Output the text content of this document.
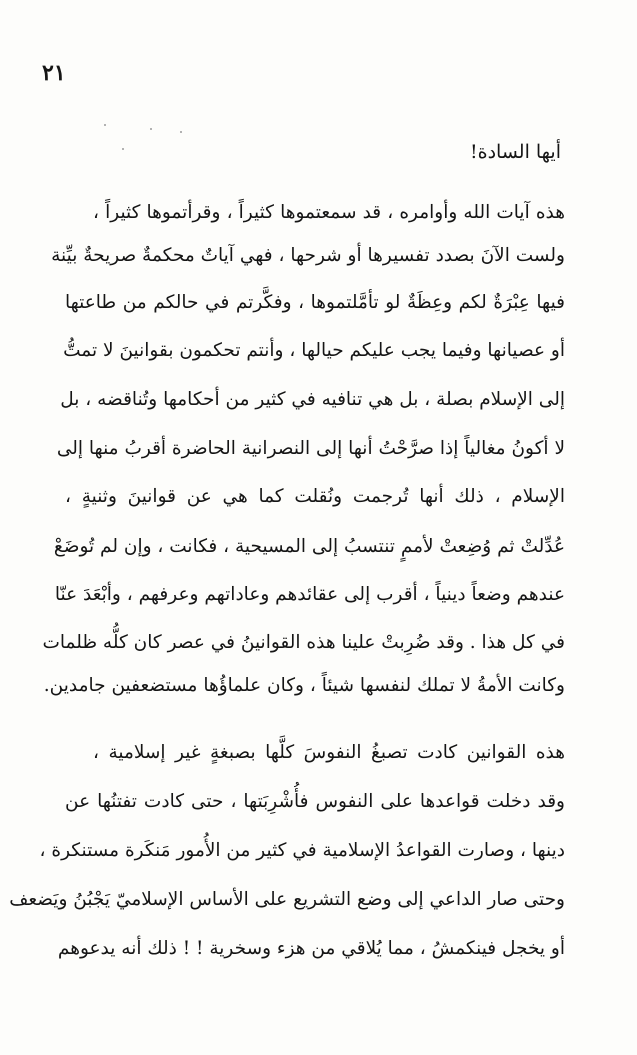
٢١
أيها السادة!
هذه آيات الله وأوامره ، قد سمعتموها كثيراً ، وقرأتموها كثيراً ،
ولست الآنَ بصدد تفسيرها أو شرحها ، فهي آياتٌ محكمةٌ صريحةٌ بيِّنة
فيها عِبْرَةٌ لكم وعِظَةٌ لو تأمَّلتموها ، وفكَّرتم في حالكم من طاعتها
أو عصيانها وفيما يجب عليكم حيالها ، وأنتم تحكمون بقوانينَ لا تمتُّ
إلى الإسلام بصلة ، بل هي تنافيه في كثير من أحكامها وتُناقضه ، بل
لا أكونُ مغالياً إذا صرَّحْتُ أنها إلى النصرانية الحاضرة أقربُ منها إلى
الإسلام ، ذلك أنها تُرجمت ونُقلت كما هي عن قوانينَ وثنيةٍ ،
عُدِّلتْ ثم وُضِعتْ لأممٍ تنتسبُ إلى المسيحية ، فكانت ، وإن لم تُوضَعْ
عندهم وضعاً دينياً ، أقرب إلى عقائدهم وعاداتهم وعرفهم ، وأبْعَدَ عنّا
في كل هذا . وقد ضُرِبتْ علينا هذه القوانينُ في عصر كان كلُّه ظلمات
وكانت الأمةُ لا تملك لنفسها شيئاً ، وكان علماؤُها مستضعفين جامدين.
هذه القوانين كادت تصبغُ النفوسَ كلَّها بصبغةٍ غير إسلامية ،
وقد دخلت قواعدها على النفوس فأُشْرِبَتها ، حتى كادت تفتنُها عن
دينها ، وصارت القواعدُ الإسلامية في كثير من الأُمور مَنكَرة مستنكرة ،
وحتى صار الداعي إلى وضع التشريع على الأساس الإسلاميّ يَجْبُنُ ويَضعف
أو يخجل فينكمشُ ، مما يُلاقي من هزء وسخرية ! ! ذلك أنه يدعوهم
